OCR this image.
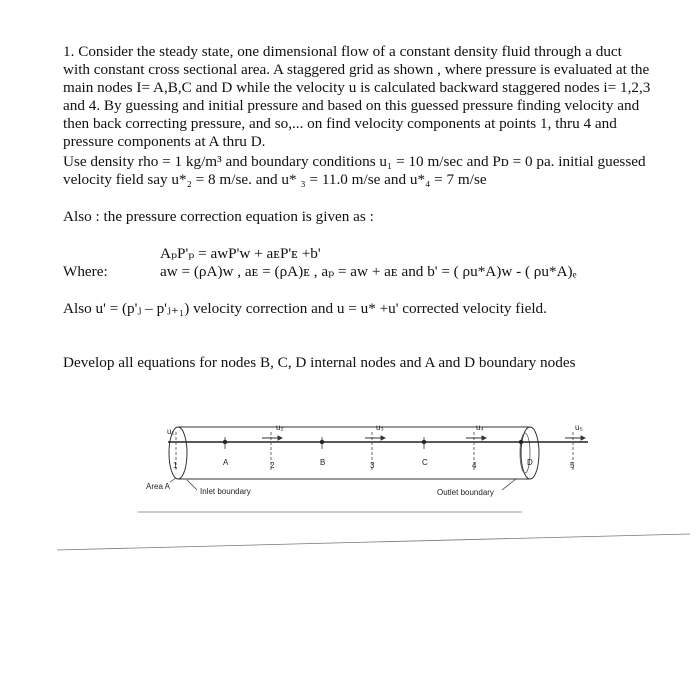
1. Consider the steady state, one dimensional flow of a constant density fluid through a duct
with constant cross sectional area. A staggered grid as shown , where pressure is evaluated at the
main nodes I= A,B,C and D while the velocity u is calculated backward staggered nodes i= 1,2,3
and 4. By guessing and initial pressure and based on this guessed pressure finding velocity and
then back correcting pressure, and so,... on find velocity components at points 1, thru 4 and
pressure components at A thru D.
Use density rho = 1 kg/m³ and boundary conditions u₁ = 10 m/sec and Pᴅ = 0 pa. initial guessed
velocity field say u*₂ = 8 m/se. and u* ₃ = 11.0 m/se and u*₄ = 7 m/se
Also : the pressure correction equation is given as :
AₚP'ₚ = aᴡP'ᴡ + aᴇP'ᴇ +b'
Where:	aᴡ = (ρA)ᴡ , aᴇ = (ρA)ᴇ , aₚ = aᴡ + aᴇ and b' = ( ρu*A)ᴡ - ( ρu*A)ₑ
Also u' = (p'ⱼ – p'ⱼ₊₁) velocity correction and u = u* +u' corrected velocity field.
Develop all equations for nodes B, C, D internal nodes and A and D boundary nodes
u₁	u₂	u₃	u₄	u₅
A	B	C	D
1	2	3	4	5
Area A
Inlet boundary	Outlet boundary
